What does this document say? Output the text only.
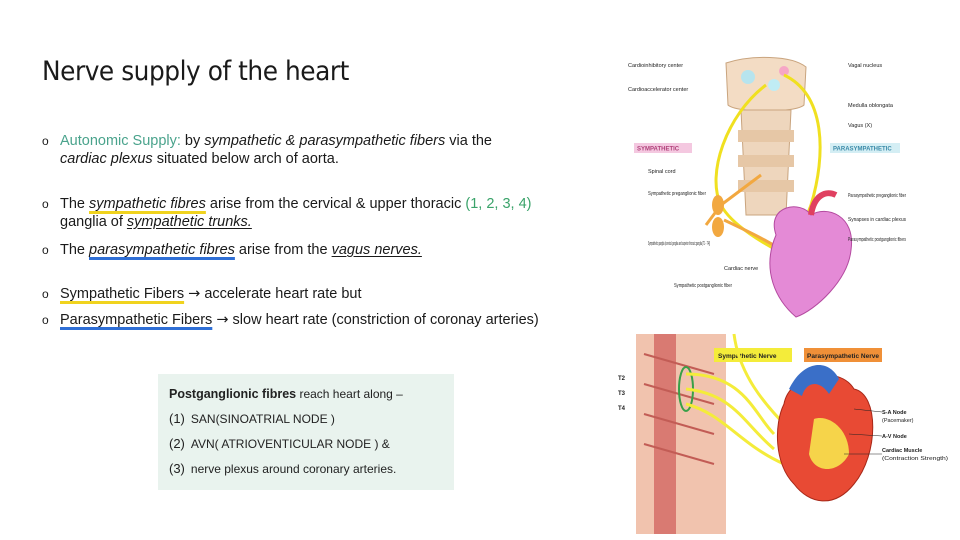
Nerve supply of the heart
o Autonomic Supply: by sympathetic & parasympathetic fibers via the
cardiac plexus situated below arch of aorta.
o The sympathetic fibres arise from the cervical & upper thoracic (1, 2, 3, 4)
ganglia of sympathetic trunks.
o The parasympathetic fibres arise from the vagus nerves.
o Sympathetic Fibers → accelerate heart rate but
o Parasympathetic Fibers → slow heart rate (constriction of coronay arteries)
Postganglionic fibres reach heart along –
(1) SAN(SINOATRIAL NODE )
(2) AVN( ATRIOVENTICULAR NODE ) &
(3) nerve plexus around coronary arteries.
SYMPATHETIC	PARASYMPATHETIC
Cardioinhibitory center
Cardioaccelerator center
Vagal nucleus
Medulla oblongata
Vagus (X)
Spinal cord
Sympathetic preganglionic fiber	Parasympathetic preganglionic fiber
Synapses in cardiac plexus
Parasympathetic postganglionic fibers
Sympathetic ganglia (cervical ganglia and superior thoracic ganglia [T1 - T4])
Cardiac nerve
Sympathetic postganglionic fiber
Sympathetic Nerve	Parasympathetic Nerve
T2
T3
T4
S-A Node
(Pacemaker)
A-V Node
Cardiac Muscle
(Contraction Strength)
